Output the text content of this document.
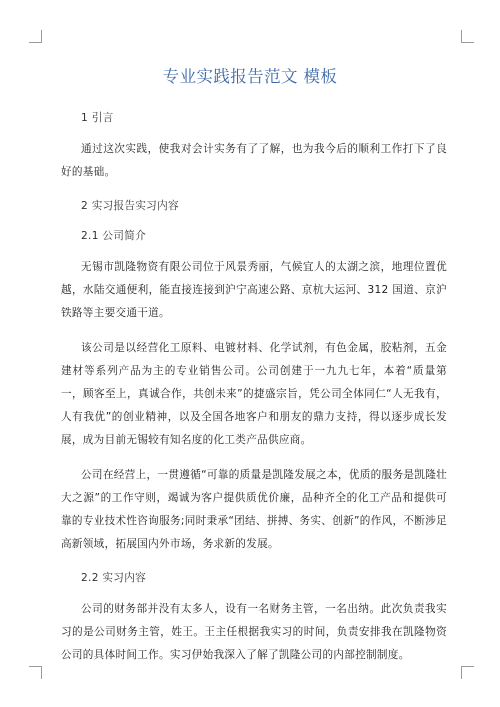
专业实践报告范文 模板

1 引言

通过这次实践，使我对会计实务有了了解，也为我今后的顺利工作打下了良好的基础。

2 实习报告实习内容

2.1 公司简介

无锡市凯隆物资有限公司位于风景秀丽，气候宜人的太湖之滨，地理位置优越，水陆交通便利，能直接连接到沪宁高速公路、京杭大运河、312 国道、京沪铁路等主要交通干道。

该公司是以经营化工原料、电镀材料、化学试剂，有色金属，胶粘剂，五金建材等系列产品为主的专业销售公司。公司创建于一九九七年，本着“质量第一，顾客至上，真诚合作，共创未来”的捷盛宗旨，凭公司全体同仁“人无我有，人有我优”的创业精神，以及全国各地客户和朋友的鼎力支持，得以逐步成长发展，成为目前无锡较有知名度的化工类产品供应商。

公司在经营上，一贯遵循“可靠的质量是凯隆发展之本，优质的服务是凯隆壮大之源”的工作守则，竭诚为客户提供质优价廉，品种齐全的化工产品和提供可靠的专业技术性咨询服务;同时秉承“团结、拼搏、务实、创新”的作风，不断涉足高新领域，拓展国内外市场，务求新的发展。

2.2 实习内容

公司的财务部并没有太多人，设有一名财务主管，一名出纳。此次负责我实习的是公司财务主管，姓王。王主任根据我实习的时间，负责安排我在凯隆物资公司的具体时间工作。实习伊始我深入了解了凯隆公司的内部控制制度。
